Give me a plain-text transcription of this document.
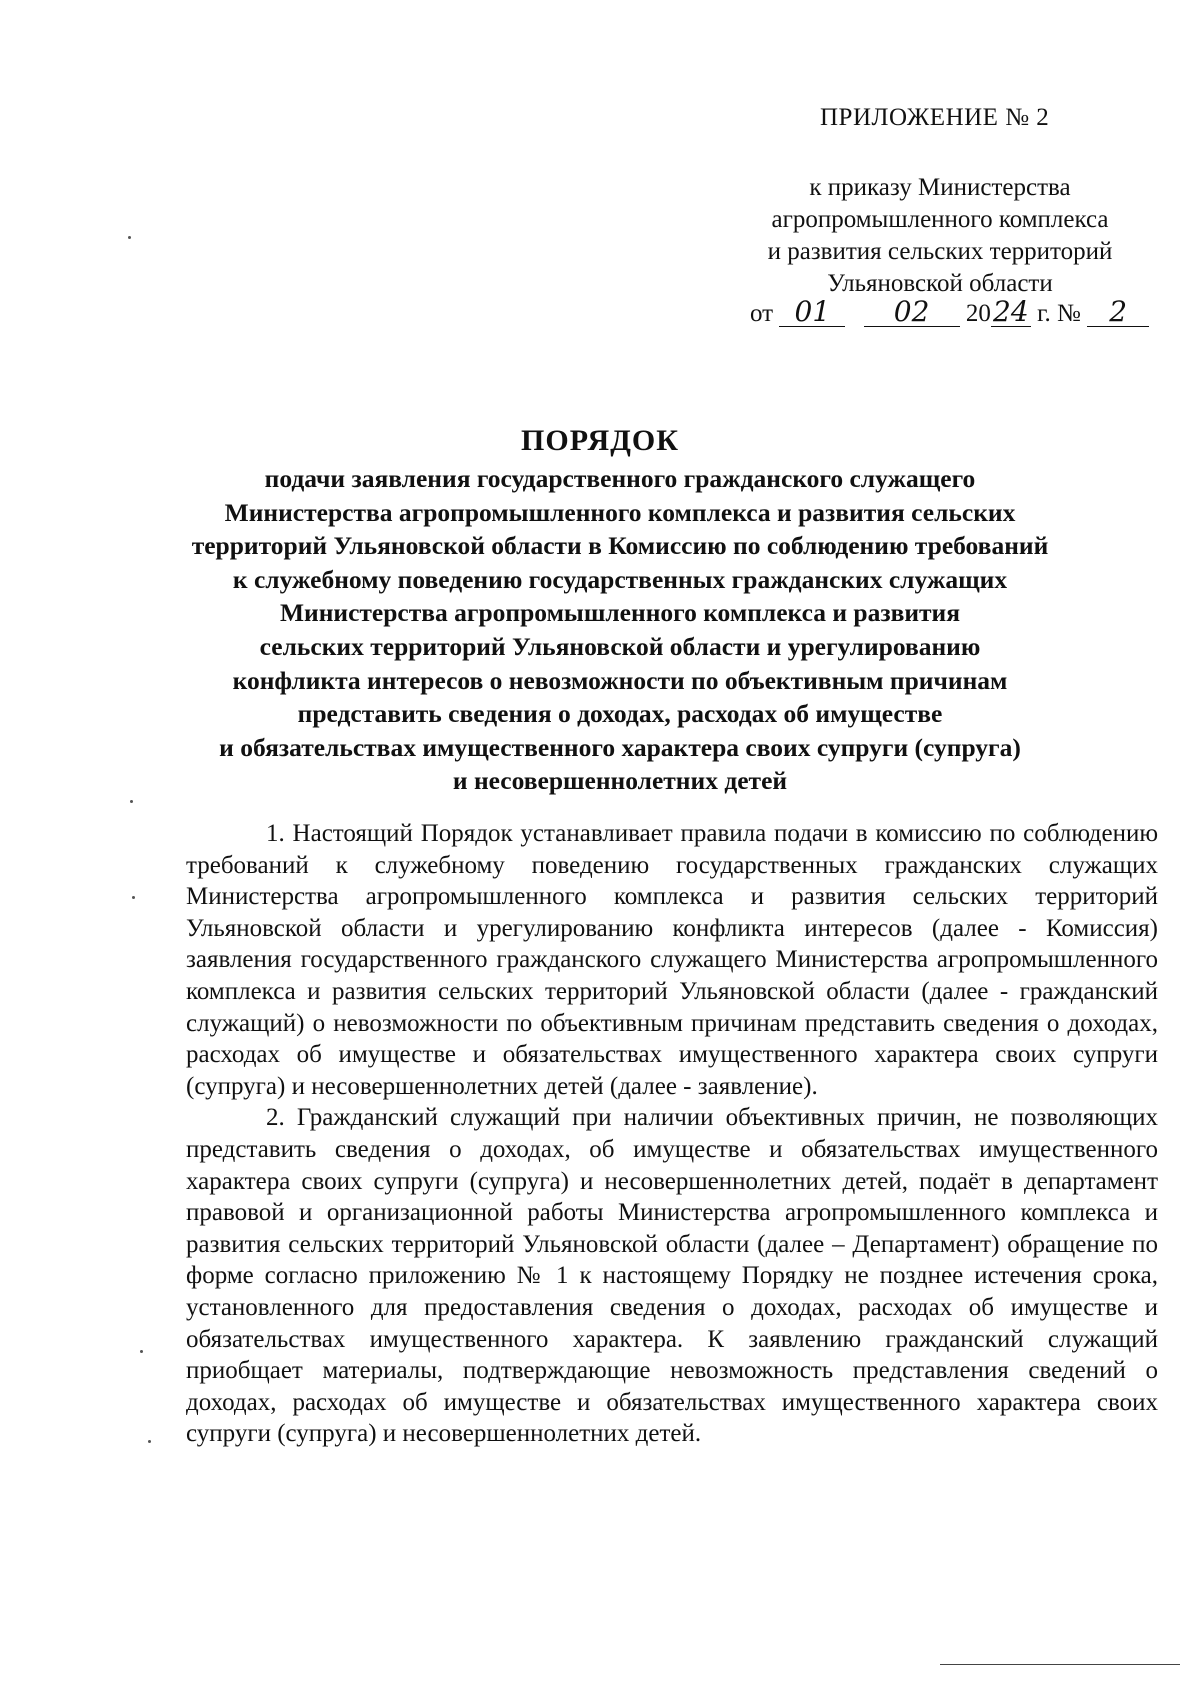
ПРИЛОЖЕНИЕ № 2
к приказу Министерства
агропромышленного комплекса
и развития сельских территорий
Ульяновской области
от 01 02 2024 г. № 2
ПОРЯДОК
подачи заявления государственного гражданского служащего
Министерства агропромышленного комплекса и развития сельских
территорий Ульяновской области в Комиссию по соблюдению требований
к служебному поведению государственных гражданских служащих
Министерства агропромышленного комплекса и развития
сельских территорий Ульяновской области и урегулированию
конфликта интересов о невозможности по объективным причинам
представить сведения о доходах, расходах об имуществе
и обязательствах имущественного характера своих супруги (супруга)
и несовершеннолетних детей

1. Настоящий Порядок устанавливает правила подачи в комиссию по соблюдению требований к служебному поведению государственных гражданских служащих Министерства агропромышленного комплекса и развития сельских территорий Ульяновской области и урегулированию конфликта интересов (далее - Комиссия) заявления государственного гражданского служащего Министерства агропромышленного комплекса и развития сельских территорий Ульяновской области (далее - гражданский служащий) о невозможности по объективным причинам представить сведения о доходах, расходах об имуществе и обязательствах имущественного характера своих супруги (супруга) и несовершеннолетних детей (далее - заявление).

2. Гражданский служащий при наличии объективных причин, не позволяющих представить сведения о доходах, об имуществе и обязательствах имущественного характера своих супруги (супруга) и несовершеннолетних детей, подаёт в департамент правовой и организационной работы Министерства агропромышленного комплекса и развития сельских территорий Ульяновской области (далее – Департамент) обращение по форме согласно приложению № 1 к настоящему Порядку не позднее истечения срока, установленного для предоставления сведения о доходах, расходах об имуществе и обязательствах имущественного характера. К заявлению гражданский служащий приобщает материалы, подтверждающие невозможность представления сведений о доходах, расходах об имуществе и обязательствах имущественного характера своих супруги (супруга) и несовершеннолетних детей.
